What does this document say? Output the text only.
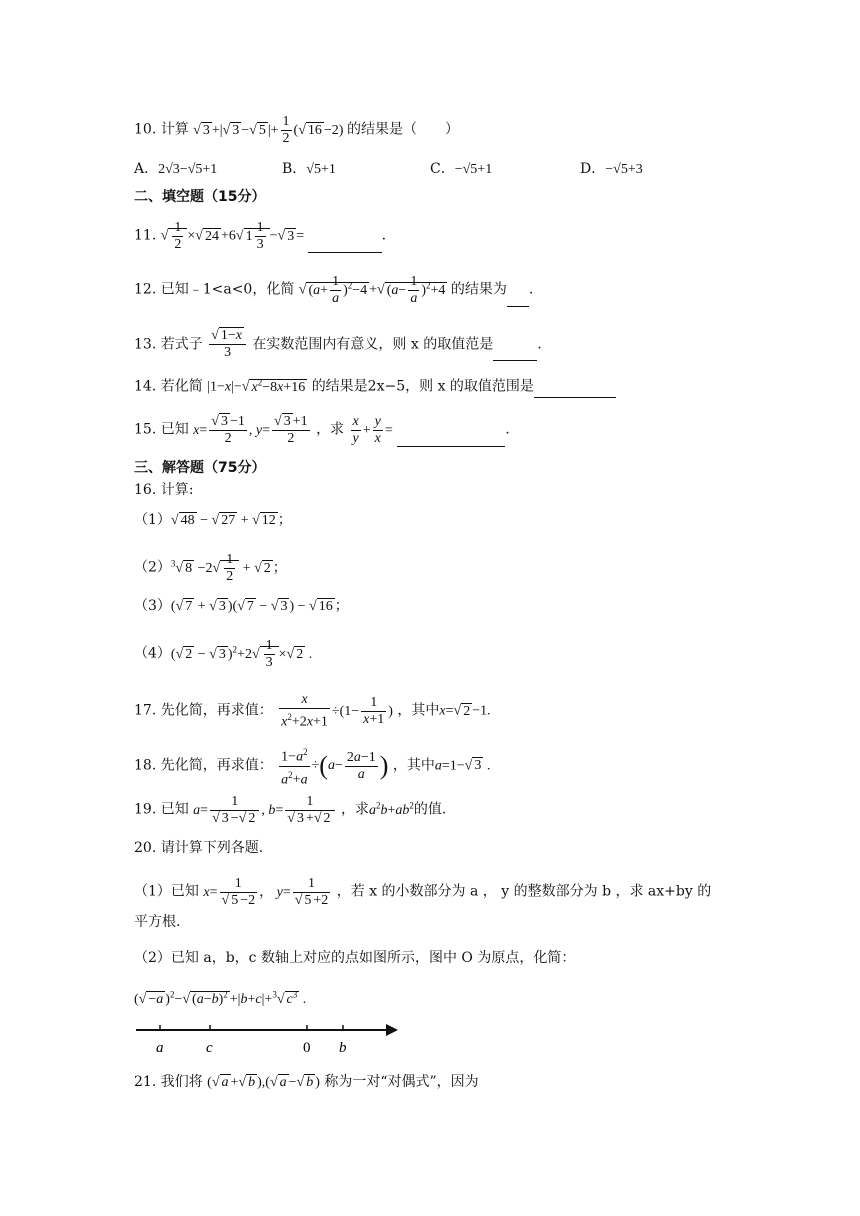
10. 计算 √ 3 +|√ 3 −√ 5 |+ $\frac{1}{2}$ (√ 16 −2) 的结果是（　　）
A．2√3−√5+1	B．√5+1	C．−√5+1	D．−√5+3
二、填空题（15分）
11. √ $\frac{1}{2}$ ×√ 24 +6√ $1 \frac{1}{3}$ −√ 3 =	.
12. 已知﹣1<a<0，化简 √ $(a+ \frac{1}{a} )^2-4$ +√ $(a- \frac{1}{a} )^2+4$ 的结果为 .
13. 若式子 $\frac{√ 1-x}{3}$ 在实数范围内有意义，则 x 的取值范是	.
14. 若化简 |1−x|−√ $x^2-8x+16$ 的结果是2x−5，则 x 的取值范围是
15. 已知 $x= \frac{√ 3 -1}{2}$ , $y= \frac{√ 3 +1}{2}$ ，求 $\frac{x}{y} + \frac{y}{x}$ =	.
三、解答题（75分）
16. 计算:
（1）√ 48 − √ 27 + √ 12 ；
$(2)^3√$ $8 -2√ \frac{1}{2}$ + √ 2 ；
（3）(√ 7 + √ 3 )(√ 7 − √ 3 ) − √ 16 ；
（4）(√ 2 − √ 3 )$^2+2√ \frac{1}{3}$ ×√ 2 .
17. 先化简，再求值： $\frac{x}{x^2+2x+1} \div(1- \frac{1}{x+1}$ ) ，其中x=√ 2 −1.
18. 先化简，再求值： $\frac{1-a^2}{a^2+a} \div(a- \frac{2a-1}{a}$ ) ，其中a=1−√ 3 .
19. 已知 $a= \frac{1}{√ 3 -√ 2}$ , $b= \frac{1}{√ 3 +√ 2}$ ，求$a^2b+ab^2$的值.
20. 请计算下列各题.
（1）已知 $x= \frac{1}{√ 5 -2}$ ， $y= \frac{1}{√ 5 +2}$ ，若 x 的小数部分为 a ， y 的整数部分为 b ，求 ax+by 的
平方根.
（2）已知 a，b，c 数轴上对应的点如图所示，图中 O 为原点，化简：
(√ −a )$^2$−√ $(a-b)^2 +|b+c|+^3√$ $c^3$ .
a	c	0 b
21. 我们将 (√ a +√ b ),(√ a −√ b ) 称为一对“对偶式”，因为
